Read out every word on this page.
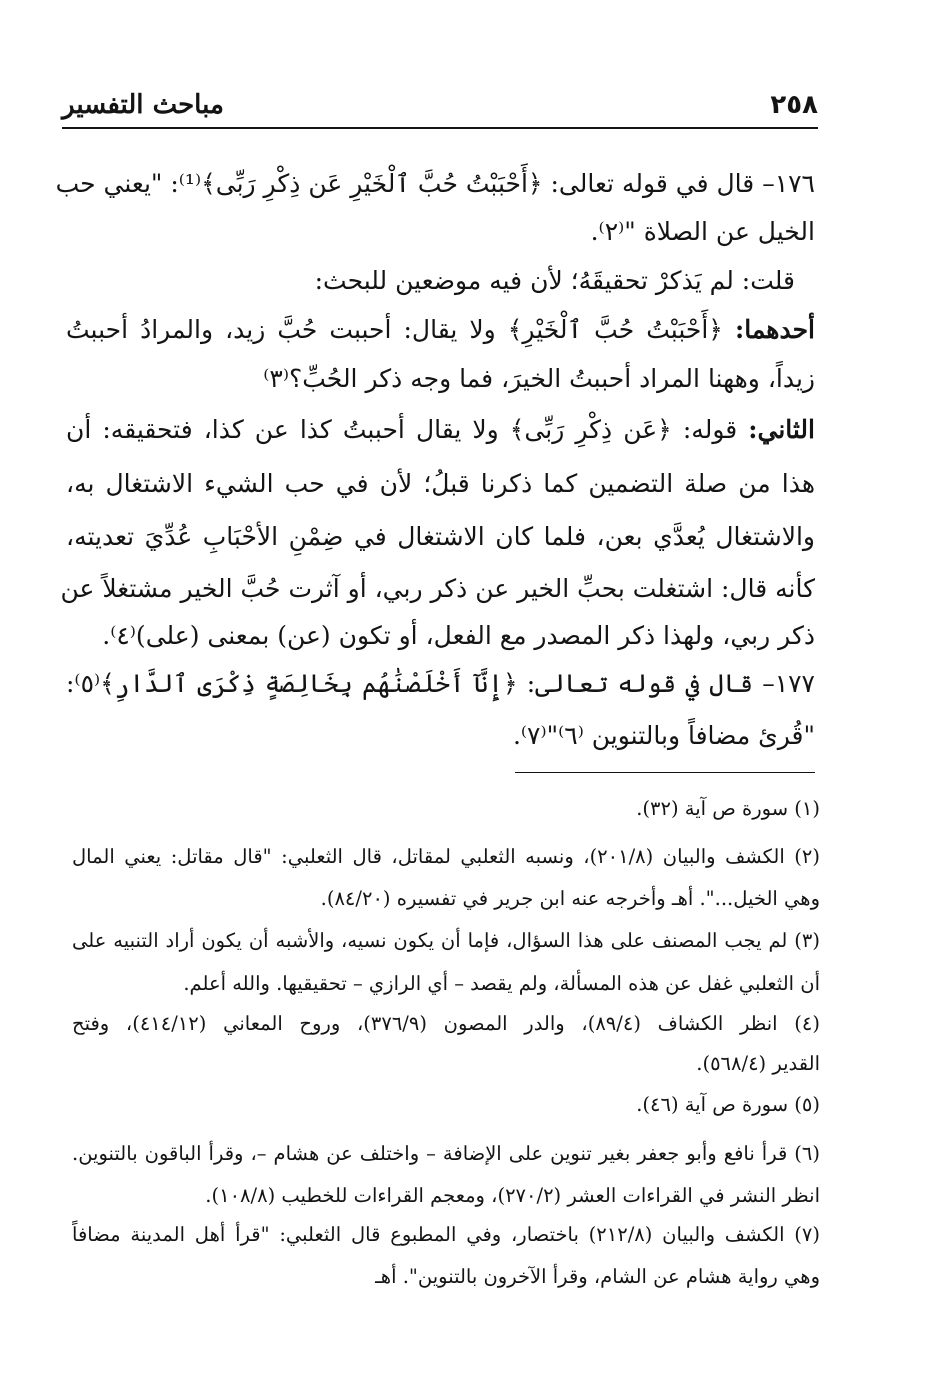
٢٥٨
مباحث التفسير
١٧٦– قال في قوله تعالى: ﴿أَحْبَبْتُ حُبَّ ٱلْخَيْرِ عَن ذِكْرِ رَبِّى﴾⁽¹⁾: "يعني حب
الخيل عن الصلاة "⁽٢⁾.
قلت: لم يَذكرْ تحقيقَهُ؛ لأن فيه موضعين للبحث:
أحدهما: ﴿أَحْبَبْتُ حُبَّ ٱلْخَيْرِ﴾ ولا يقال: أحببت حُبَّ زيد، والمرادُ أحببتُ
زيداً، وههنا المراد أحببتُ الخيرَ، فما وجه ذكر الحُبِّ؟⁽٣⁾
الثاني: قوله: ﴿عَن ذِكْرِ رَبِّى﴾ ولا يقال أحببتُ كذا عن كذا، فتحقيقه: أن
هذا من صلة التضمين كما ذكرنا قبلُ؛ لأن في حب الشيء الاشتغال به،
والاشتغال يُعدَّي بعن، فلما كان الاشتغال في ضِمْنِ الأحْبَابِ عُدِّيَ تعديته،
كأنه قال: اشتغلت بحبِّ الخير عن ذكر ربي، أو آثرت حُبَّ الخير مشتغلاً عن
ذكر ربي، ولهذا ذكر المصدر مع الفعل، أو تكون (عن) بمعنى (على)⁽٤⁾.
١٧٧– قال في قوله تعالى: ﴿إِنَّآ أَخْلَصْنَٰهُم بِخَالِصَةٍ ذِكْرَى ٱلدَّارِ﴾⁽٥⁾:
"قُرئ مضافاً وبالتنوين ⁽٦⁾"⁽٧⁾.
(١) سورة ص آية (٣٢).
(٢) الكشف والبيان (٢٠١/٨)، ونسبه الثعلبي لمقاتل، قال الثعلبي: "قال مقاتل: يعني المال
وهي الخيل...". أهـ وأخرجه عنه ابن جرير في تفسيره (٨٤/٢٠).
(٣) لم يجب المصنف على هذا السؤال، فإما أن يكون نسيه، والأشبه أن يكون أراد التنبيه على
أن الثعلبي غفل عن هذه المسألة، ولم يقصد – أي الرازي – تحقيقيها. والله أعلم.
(٤) انظر الكشاف (٨٩/٤)، والدر المصون (٣٧٦/٩)، وروح المعاني (٤١٤/١٢)، وفتح
القدير (٥٦٨/٤).
(٥) سورة ص آية (٤٦).
(٦) قرأ نافع وأبو جعفر بغير تنوين على الإضافة – واختلف عن هشام –، وقرأ الباقون بالتنوين.
انظر النشر في القراءات العشر (٢٧٠/٢)، ومعجم القراءات للخطيب (١٠٨/٨).
(٧) الكشف والبيان (٢١٢/٨) باختصار، وفي المطبوع قال الثعلبي: "قرأ أهل المدينة مضافاً
وهي رواية هشام عن الشام، وقرأ الآخرون بالتنوين". أهـ
